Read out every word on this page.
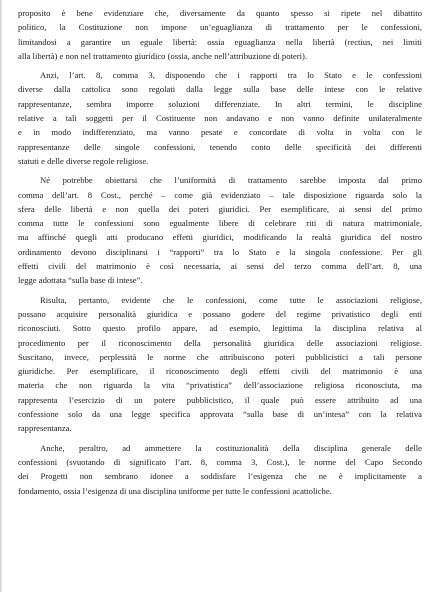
proposito è bene evidenziare che, diversamente da quanto spesso si ripete nel dibattito
politico, la Costituzione non impone un’eguaglianza di trattamento per le confessioni,
limitandosi a garantire un eguale libertà: ossia eguaglianza nella libertà (rectius, nei limiti
alla libertà) e non nel trattamento giuridico (ossia, anche nell’attribuzione di poteri).
Anzi, l’art. 8, comma 3, disponendo che i rapporti tra lo Stato e le confessioni
diverse dalla cattolica sono regolati dalla legge sulla base delle intese con le relative
rappresentanze, sembra imporre soluzioni differenziate. In altri termini, le discipline
relative a tali soggetti per il Costituente non andavano e non vanno definite unilateralmente
e in modo indifferenziato, ma vanno pesate e concordate di volta in volta con le
rappresentanze delle singole confessioni, tenendo conto delle specificità dei differenti
statuti e delle diverse regole religiose.
Né potrebbe obiettarsi che l’uniformità di trattamento sarebbe imposta dal primo
comma dell’art. 8 Cost., perché – come già evidenziato – tale disposizione riguarda solo la
sfera delle libertà e non quella dei poteri giuridici. Per esemplificare, ai sensi del primo
comma tutte le confessioni sono egualmente libere di celebrare riti di natura matrimoniale,
ma affinché quegli atti producano effetti giuridici, modificando la realtà giuridica del nostro
ordinamento devono disciplinarsi i “rapporti” tra lo Stato e la singola confessione. Per gli
effetti civili del matrimonio è così necessaria, ai sensi del terzo comma dell’art. 8, una
legge adottata “sulla base di intese”.
Risulta, pertanto, evidente che le confessioni, come tutte le associazioni religiose,
possano acquisire personalità giuridica e possano godere del regime privatistico degli enti
riconosciuti. Sotto questo profilo appare, ad esempio, legittima la disciplina relativa al
procedimento per il riconoscimento della personalità giuridica delle associazioni religiose.
Suscitano, invece, perplessità le norme che attribuiscono poteri pubblicistici a tali persone
giuridiche. Per esemplificare, il riconoscimento degli effetti civili del matrimonio è una
materia che non riguarda la vita “privatistica” dell’associazione religiosa riconosciuta, ma
rappresenta l’esercizio di un potere pubblicistico, il quale può essere attribuito ad una
confessione solo da una legge specifica approvata “sulla base di un’intesa” con la relativa
rappresentanza.
Anche, peraltro, ad ammettere la costituzionalità della disciplina generale delle
confessioni (svuotando di significato l’art. 8, comma 3, Cost.), le norme del Capo Secondo
dei Progetti non sembrano idonee a soddisfare l’esigenza che ne è implicitamente a
fondamento, ossia l’esigenza di una disciplina uniforme per tutte le confessioni acattoliche.
